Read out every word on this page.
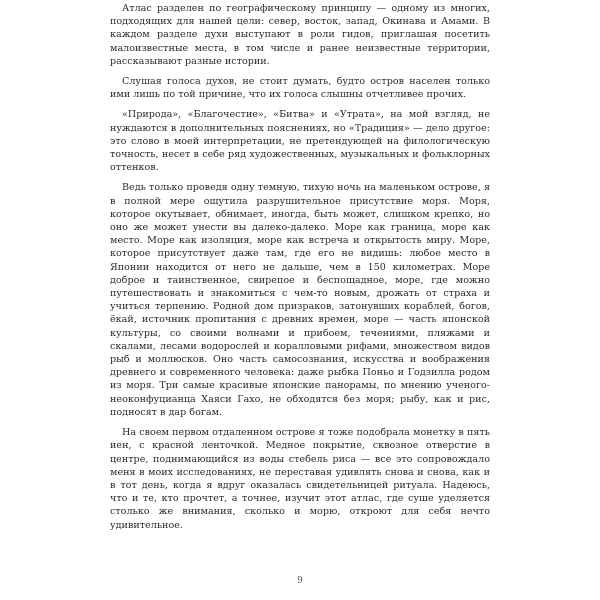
Атлас разделен по географическому принципу — одному из многих, подходящих для нашей цели: север, восток, запад, Окинава и Амами. В каждом разделе духи выступают в роли гидов, приглашая посетить малоизвестные места, в том числе и ранее неизвестные территории, рассказывают разные истории.

Слушая голоса духов, не стоит думать, будто остров населен только ими лишь по той причине, что их голоса слышны отчетливее прочих.

«Природа», «Благочестие», «Битва» и «Утрата», на мой взгляд, не нуждаются в дополнительных пояснениях, но «Традиция» — дело другое: это слово в моей интерпретации, не претендующей на филологическую точность, несет в себе ряд художественных, музыкальных и фольклорных оттенков.

Ведь только проведя одну темную, тихую ночь на маленьком острове, я в полной мере ощутила разрушительное присутствие моря. Моря, которое окутывает, обнимает, иногда, быть может, слишком крепко, но оно же может унести вы далеко-далеко. Море как граница, море как место. Море как изоляция, море как встреча и открытость миру. Море, которое присутствует даже там, где его не видишь: любое место в Японии находится от него не дальше, чем в 150 километрах. Море доброе и таинственное, свирепое и беспощадное, море, где можно путешествовать и знакомиться с чем-то новым, дрожать от страха и учиться терпению. Родной дом призраков, затонувших кораблей, богов, ёкай, источник пропитания с древних времен, море — часть японской культуры, со своими волнами и прибоем, течениями, пляжами и скалами, лесами водорослей и коралловыми рифами, множеством видов рыб и моллюсков. Оно часть самосознания, искусства и воображения древнего и современного человека: даже рыбка Поньо и Годзилла родом из моря. Три самые красивые японские панорамы, по мнению ученого-неоконфуцианца Хаяси Гахо, не обходятся без моря; рыбу, как и рис, подносят в дар богам.

На своем первом отдаленном острове я тоже подобрала монетку в пять иен, с красной ленточкой. Медное покрытие, сквозное отверстие в центре, поднимающийся из воды стебель риса — все это сопровождало меня в моих исследованиях, не переставая удивлять снова и снова, как и в тот день, когда я вдруг оказалась свидетельницей ритуала. Надеюсь, что и те, кто прочтет, а точнее, изучит этот атлас, где суше уделяется столько же внимания, сколько и морю, откроют для себя нечто удивительное.

9
